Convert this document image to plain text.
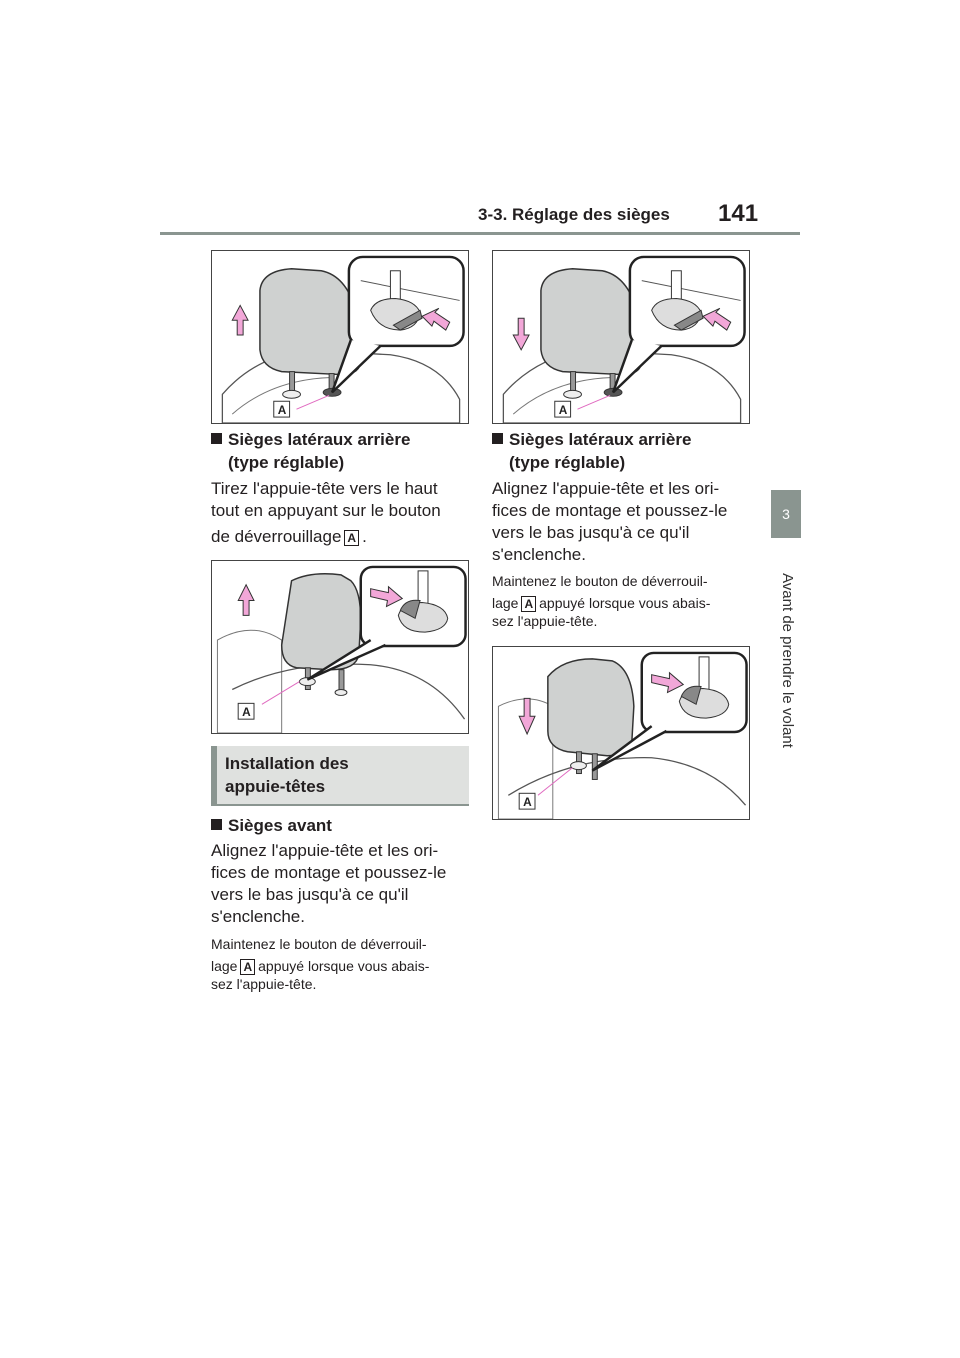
3-3. Réglage des sièges 141
3
Avant de prendre le volant
A
Sièges latéraux arrière
(type réglable)
Tirez l'appuie-tête vers le haut
tout en appuyant sur le bouton
de déverrouillage A .
A
Installation des
appuie-têtes
Sièges avant
Alignez l'appuie-tête et les ori-
fices de montage et poussez-le
vers le bas jusqu'à ce qu'il
s'enclenche.
Maintenez le bouton de déverrouil-
lage A appuyé lorsque vous abais-
sez l'appuie-tête.
A
Sièges latéraux arrière
(type réglable)
Alignez l'appuie-tête et les ori-
fices de montage et poussez-le
vers le bas jusqu'à ce qu'il
s'enclenche.
Maintenez le bouton de déverrouil-
lage A appuyé lorsque vous abais-
sez l'appuie-tête.
A
